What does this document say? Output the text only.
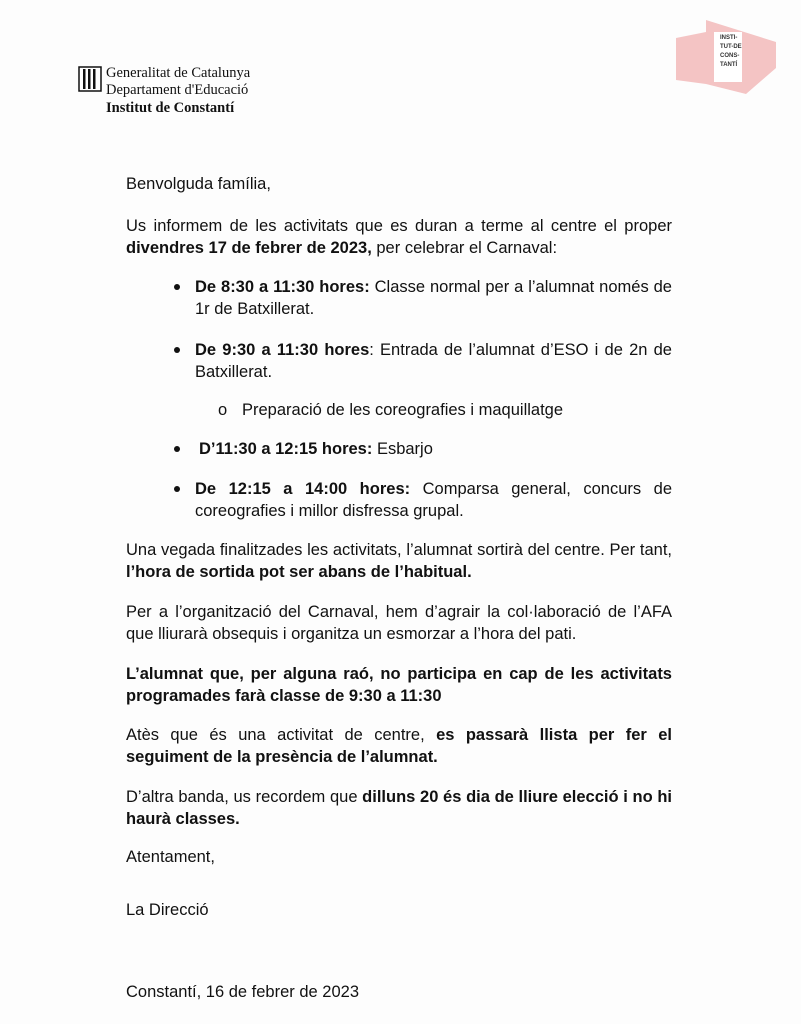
Generalitat de Catalunya
Departament d'Educació
Institut de Constantí
INSTI-
TUT-DE
CONS-
TANTÍ
Benvolguda família,
Us informem de les activitats que es duran a terme al centre el proper divendres 17 de febrer de 2023, per celebrar el Carnaval:
De 8:30 a 11:30 hores: Classe normal per a l’alumnat només de 1r de Batxillerat.
De 9:30 a 11:30 hores: Entrada de l’alumnat d’ESO i de 2n de Batxillerat.
o Preparació de les coreografies i maquillatge
D’11:30 a 12:15 hores: Esbarjo
De 12:15 a 14:00 hores: Comparsa general, concurs de coreografies i millor disfressa grupal.
Una vegada finalitzades les activitats, l’alumnat sortirà del centre. Per tant, l’hora de sortida pot ser abans de l’habitual.
Per a l’organització del Carnaval, hem d’agrair la col·laboració de l’AFA que lliurarà obsequis i organitza un esmorzar a l’hora del pati.
L’alumnat que, per alguna raó, no participa en cap de les activitats programades farà classe de 9:30 a 11:30
Atès que és una activitat de centre, es passarà llista per fer el seguiment de la presència de l’alumnat.
D’altra banda, us recordem que dilluns 20 és dia de lliure elecció i no hi haurà classes.
Atentament,
La Direcció
Constantí, 16 de febrer de 2023
